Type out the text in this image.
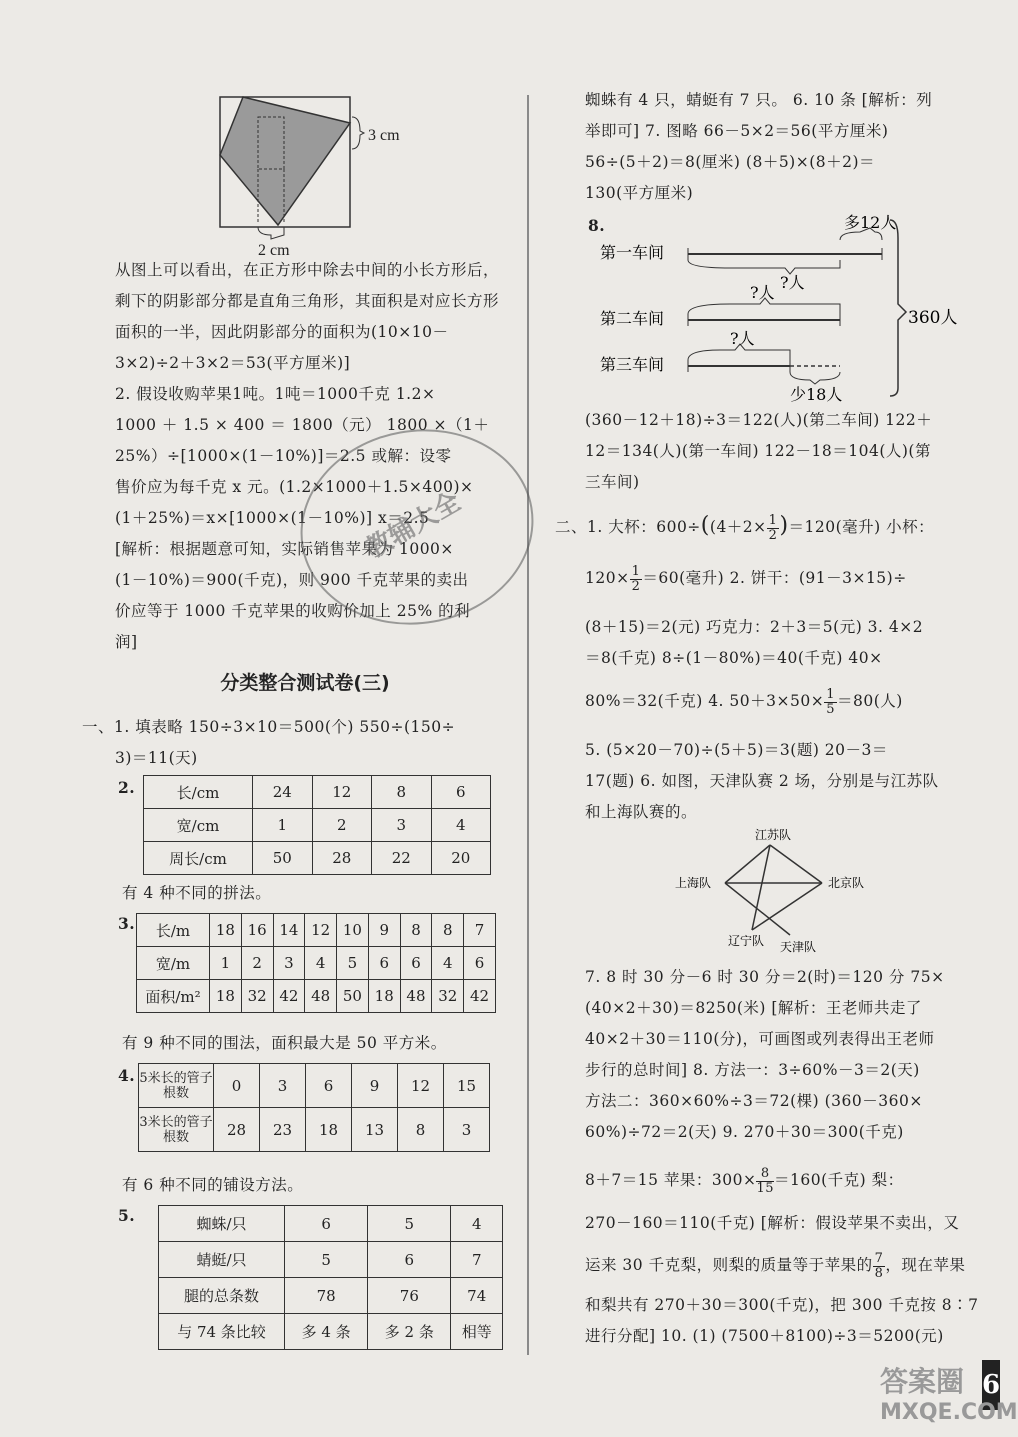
3 cm
2 cm

从图上可以看出，在正方形中除去中间的小长方形后，剩下的阴影部分都是直角三角形，其面积是对应长方形面积的一半，因此阴影部分的面积为(10×10－3×2)÷2＋3×2＝53(平方厘米)]

2. 假设收购苹果1吨。1吨＝1000千克 1.2×

1000 ＋ 1.5 × 400 ＝ 1800（元） 1800 ×（1＋

25%）÷[1000×(1－10%)]＝2.5 或解：设零

售价应为每千克 x 元。(1.2×1000＋1.5×400)×

(1＋25%)＝x×[1000×(1－10%)] x＝2.5

[解析：根据题意可知，实际销售苹果为 1000×

(1－10%)＝900(千克)，则 900 千克苹果的卖出

价应等于 1000 千克苹果的收购价加上 25% 的利

润]

分类整合测试卷(三)

一、1. 填表略 150÷3×10＝500(个) 550÷(150÷

3)＝11(天)

2.	长/cm	24	12	8	6
宽/cm	1	2	3	4
周长/cm	50	28	22	20

有 4 种不同的拼法。

3. 长/m	18	16	14	12	10	9	8	8	7
宽/m	1	2	3	4	5	6	6	4	6
面积/m²	18	32	42	48	50	18	48	32	42

有 9 种不同的围法，面积最大是 50 平方米。

4. 5米长的管子根数	0	3	6	9	12	15
3米长的管子根数	28	23	18	13	8	3

有 6 种不同的铺设方法。

5.	蜘蛛/只	6	5	4
蜻蜓/只	5	6	7
腿的总条数	78	76	74
与 74 条比较	多 4 条	多 2 条	相等

蜘蛛有 4 只，蜻蜓有 7 只。 6. 10 条 [解析：列

举即可] 7. 图略 66－5×2＝56(平方厘米)

56÷(5＋2)＝8(厘米) (8＋5)×(8＋2)＝

130(平方厘米)

8.
第一车间
第二车间
第三车间
多12人
?人
?人
?人
少18人
360人

(360－12＋18)÷3＝122(人)(第二车间) 122＋

12＝134(人)(第一车间) 122－18＝104(人)(第

三车间)

二、1. 大杯：$600\div((4+2\times \frac{1}{2} )=120$(毫升) 小杯：
$120\times \frac{1}{2} =60$(毫升) 2. 饼干：(91－3×15)÷

(8＋15)＝2(元) 巧克力：2＋3＝5(元) 3. 4×2

＝8(千克) 8÷(1－80%)＝40(千克) 40×

80%＝32(千克) 4. $50+3\times 50\times \frac{1}{5} =80$(人)

5. (5×20－70)÷(5＋5)＝3(题) 20－3＝

17(题) 6. 如图，天津队赛 2 场，分别是与江苏队

和上海队赛的。

江苏队
上海队	北京队
辽宁队 天津队

7. 8 时 30 分－6 时 30 分＝2(时)＝120 分 75×

(40×2＋30)＝8250(米) [解析：王老师共走了

40×2＋30＝110(分)，可画图或列表得出王老师

步行的总时间] 8. 方法一：3÷60%－3＝2(天)

方法二：360×60%÷3＝72(棵) (360－360×

60%)÷72＝2(天) 9. 270＋30＝300(千克)

8＋7＝15 苹果：$300\times \frac{8}{15} =160$(千克) 梨：

270－160＝110(千克) [解析：假设苹果不卖出，又

运来 30 千克梨，则梨的质量等于苹果的 $\frac{7}{8}$ ，现在苹果

和梨共有 270＋30＝300(千克)，把 300 千克按 8∶7

进行分配] 10. (1) (7500＋8100)÷3＝5200(元)

6
教辅大全
MXQE.COM
答案圈
